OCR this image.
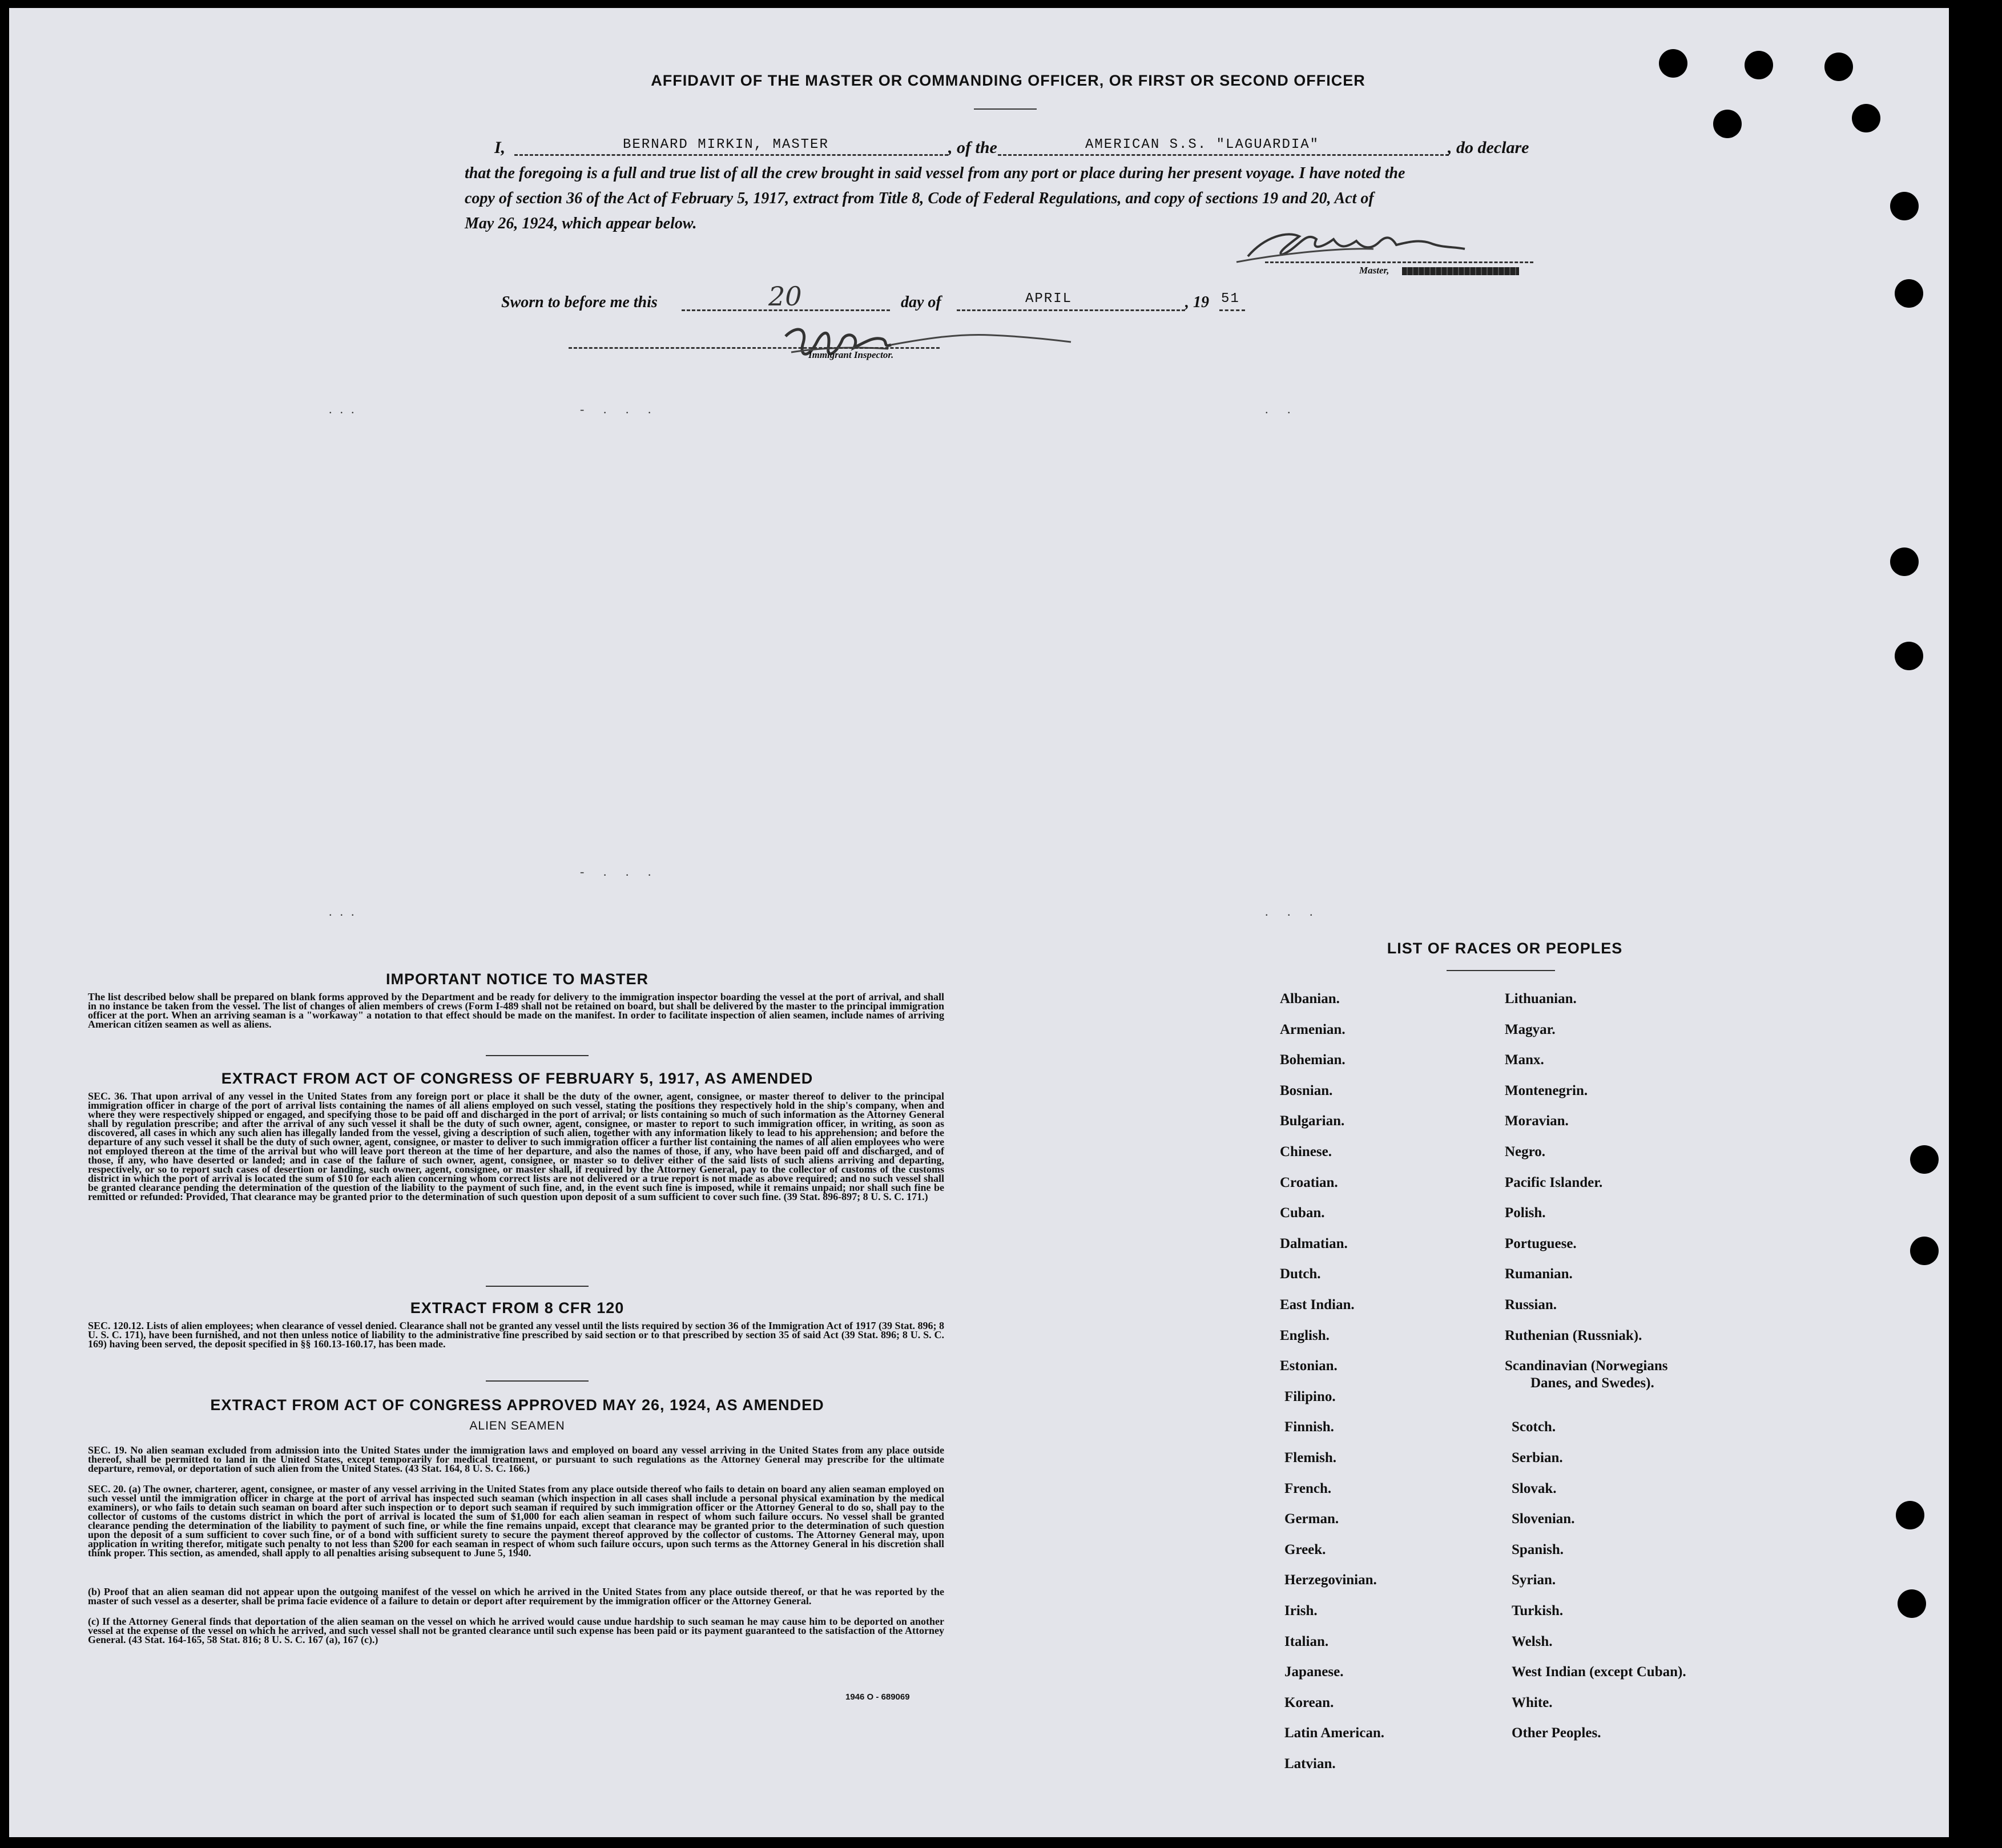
AFFIDAVIT OF THE MASTER OR COMMANDING OFFICER, OR FIRST OR SECOND OFFICER
I,	BERNARD MIRKIN, MASTER	, of the	AMERICAN S.S. "LAGUARDIA"	, do declare
that the foregoing is a full and true list of all the crew brought in said vessel from any port or place during her present voyage. I have noted the
copy of section 36 of the Act of February 5, 1917, extract from Title 8, Code of Federal Regulations, and copy of sections 19 and 20, Act of
May 26, 1924, which appear below.
Master,
Sworn to before me this	20	day of	APRIL	, 19 51
Immigrant Inspector.
...
...
- . . .
- . . .
. .
. . .
IMPORTANT NOTICE TO MASTER
The list described below shall be prepared on blank forms approved by the Department and be ready for delivery to the immigration inspector boarding the vessel at the port of arrival, and shall in no instance be taken from the vessel. The list of changes of alien members of crews (Form I-489 shall not be retained on board, but shall be delivered by the master to the principal immigration officer at the port. When an arriving seaman is a "workaway" a notation to that effect should be made on the manifest. In order to facilitate inspection of alien seamen, include names of arriving American citizen seamen as well as aliens.
EXTRACT FROM ACT OF CONGRESS OF FEBRUARY 5, 1917, AS AMENDED
SEC. 36. That upon arrival of any vessel in the United States from any foreign port or place it shall be the duty of the owner, agent, consignee, or master thereof to deliver to the principal immigration officer in charge of the port of arrival lists containing the names of all aliens employed on such vessel, stating the positions they respectively hold in the ship's company, when and where they were respectively shipped or engaged, and specifying those to be paid off and discharged in the port of arrival; or lists containing so much of such information as the Attorney General shall by regulation prescribe; and after the arrival of any such vessel it shall be the duty of such owner, agent, consignee, or master to report to such immigration officer, in writing, as soon as discovered, all cases in which any such alien has illegally landed from the vessel, giving a description of such alien, together with any information likely to lead to his apprehension; and before the departure of any such vessel it shall be the duty of such owner, agent, consignee, or master to deliver to such immigration officer a further list containing the names of all alien employees who were not employed thereon at the time of the arrival but who will leave port thereon at the time of her departure, and also the names of those, if any, who have been paid off and discharged, and of those, if any, who have deserted or landed; and in case of the failure of such owner, agent, consignee, or master so to deliver either of the said lists of such aliens arriving and departing, respectively, or so to report such cases of desertion or landing, such owner, agent, consignee, or master shall, if required by the Attorney General, pay to the collector of customs of the customs district in which the port of arrival is located the sum of $10 for each alien concerning whom correct lists are not delivered or a true report is not made as above required; and no such vessel shall be granted clearance pending the determination of the question of the liability to the payment of such fine, and, in the event such fine is imposed, while it remains unpaid; nor shall such fine be remitted or refunded: Provided, That clearance may be granted prior to the determination of such question upon deposit of a sum sufficient to cover such fine. (39 Stat. 896-897; 8 U. S. C. 171.)
EXTRACT FROM 8 CFR 120
SEC. 120.12. Lists of alien employees; when clearance of vessel denied. Clearance shall not be granted any vessel until the lists required by section 36 of the Immigration Act of 1917 (39 Stat. 896; 8 U. S. C. 171), have been furnished, and not then unless notice of liability to the administrative fine prescribed by said section or to that prescribed by section 35 of said Act (39 Stat. 896; 8 U. S. C. 169) having been served, the deposit specified in §§ 160.13-160.17, has been made.
EXTRACT FROM ACT OF CONGRESS APPROVED MAY 26, 1924, AS AMENDED
ALIEN SEAMEN
SEC. 19. No alien seaman excluded from admission into the United States under the immigration laws and employed on board any vessel arriving in the United States from any place outside thereof, shall be permitted to land in the United States, except temporarily for medical treatment, or pursuant to such regulations as the Attorney General may prescribe for the ultimate departure, removal, or deportation of such alien from the United States. (43 Stat. 164, 8 U. S. C. 166.)
SEC. 20. (a) The owner, charterer, agent, consignee, or master of any vessel arriving in the United States from any place outside thereof who fails to detain on board any alien seaman employed on such vessel until the immigration officer in charge at the port of arrival has inspected such seaman (which inspection in all cases shall include a personal physical examination by the medical examiners), or who fails to detain such seaman on board after such inspection or to deport such seaman if required by such immigration officer or the Attorney General to do so, shall pay to the collector of customs of the customs district in which the port of arrival is located the sum of $1,000 for each alien seaman in respect of whom such failure occurs. No vessel shall be granted clearance pending the determination of the liability to payment of such fine, or while the fine remains unpaid, except that clearance may be granted prior to the determination of such question upon the deposit of a sum sufficient to cover such fine, or of a bond with sufficient surety to secure the payment thereof approved by the collector of customs. The Attorney General may, upon application in writing therefor, mitigate such penalty to not less than $200 for each seaman in respect of whom such failure occurs, upon such terms as the Attorney General in his discretion shall think proper. This section, as amended, shall apply to all penalties arising subsequent to June 5, 1940.
(b) Proof that an alien seaman did not appear upon the outgoing manifest of the vessel on which he arrived in the United States from any place outside thereof, or that he was reported by the master of such vessel as a deserter, shall be prima facie evidence of a failure to detain or deport after requirement by the immigration officer or the Attorney General.
(c) If the Attorney General finds that deportation of the alien seaman on the vessel on which he arrived would cause undue hardship to such seaman he may cause him to be deported on another vessel at the expense of the vessel on which he arrived, and such vessel shall not be granted clearance until such expense has been paid or its payment guaranteed to the satisfaction of the Attorney General. (43 Stat. 164-165, 58 Stat. 816; 8 U. S. C. 167 (a), 167 (c).)
1946 O - 689069
LIST OF RACES OR PEOPLES
Albanian.
Armenian.
Bohemian.
Bosnian.
Bulgarian.
Chinese.
Croatian.
Cuban.
Dalmatian.
Dutch.
East Indian.
English.
Estonian.
Filipino.
Finnish.
Flemish.
French.
German.
Greek.
Herzegovinian.
Irish.
Italian.
Japanese.
Korean.
Latin American.
Latvian.
Lithuanian.
Magyar.
Manx.
Montenegrin.
Moravian.
Negro.
Pacific Islander.
Polish.
Portuguese.
Rumanian.
Russian.
Ruthenian (Russniak).
Scandinavian (Norwegians
Danes, and Swedes).
Scotch.
Serbian.
Slovak.
Slovenian.
Spanish.
Syrian.
Turkish.
Welsh.
West Indian (except Cuban).
White.
Other Peoples.
